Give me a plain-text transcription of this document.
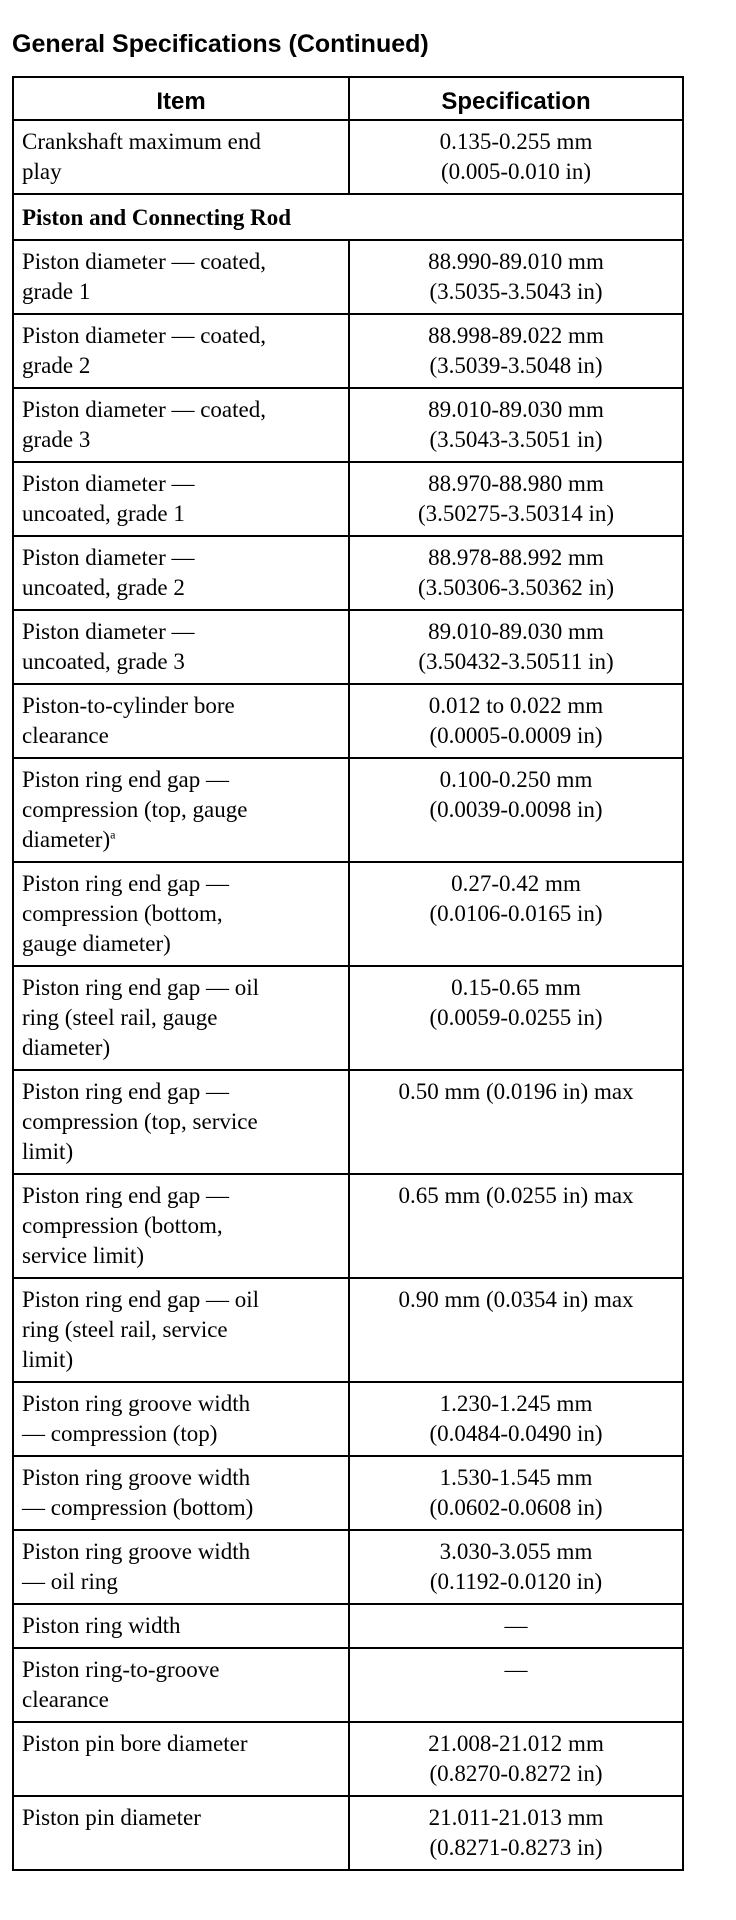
General Specifications (Continued)
Item	Specification

Crankshaft maximum end
play	0.135-0.255 mm
(0.005-0.010 in)

Piston and Connecting Rod	

Piston diameter — coated,
grade 1	88.990-89.010 mm
(3.5035-3.5043 in)

Piston diameter — coated,
grade 2	88.998-89.022 mm
(3.5039-3.5048 in)

Piston diameter — coated,
grade 3	89.010-89.030 mm
(3.5043-3.5051 in)

Piston diameter —
uncoated, grade 1	88.970-88.980 mm
(3.50275-3.50314 in)

Piston diameter —
uncoated, grade 2	88.978-88.992 mm
(3.50306-3.50362 in)

Piston diameter —
uncoated, grade 3	89.010-89.030 mm
(3.50432-3.50511 in)

Piston-to-cylinder bore
clearance	0.012 to 0.022 mm
(0.0005-0.0009 in)

Piston ring end gap —
compression (top, gauge
diameter)$^a$	0.100-0.250 mm
(0.0039-0.0098 in)

Piston ring end gap —
compression (bottom,
gauge diameter)	0.27-0.42 mm
(0.0106-0.0165 in)

Piston ring end gap — oil
ring (steel rail, gauge
diameter)	0.15-0.65 mm
(0.0059-0.0255 in)

Piston ring end gap —
compression (top, service
limit)	0.50 mm (0.0196 in) max

Piston ring end gap —
compression (bottom,
service limit)	0.65 mm (0.0255 in) max

Piston ring end gap — oil
ring (steel rail, service
limit)	0.90 mm (0.0354 in) max

Piston ring groove width
— compression (top)	1.230-1.245 mm
(0.0484-0.0490 in)

Piston ring groove width
— compression (bottom)	1.530-1.545 mm
(0.0602-0.0608 in)

Piston ring groove width
— oil ring	3.030-3.055 mm
(0.1192-0.0120 in)

Piston ring width	—

Piston ring-to-groove
clearance	—

Piston pin bore diameter	21.008-21.012 mm
(0.8270-0.8272 in)

Piston pin diameter	21.011-21.013 mm
(0.8271-0.8273 in)
